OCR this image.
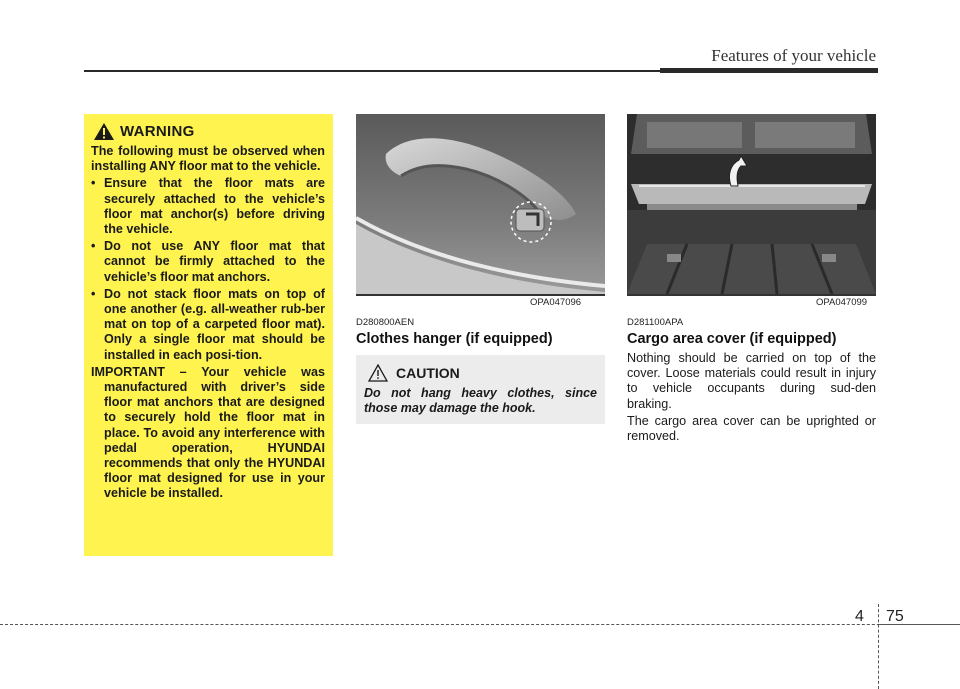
Features of your vehicle
WARNING

The following must be observed when installing ANY floor mat to the vehicle.

• Ensure that the floor mats are securely attached to the vehicle’s floor mat anchor(s) before driving the vehicle.
• Do not use ANY floor mat that cannot be firmly attached to the vehicle’s floor mat anchors.
• Do not stack floor mats on top of one another (e.g. all-weather rub-ber mat on top of a carpeted floor mat). Only a single floor mat should be installed in each posi-tion.
IMPORTANT – Your vehicle was manufactured with driver’s side floor mat anchors that are designed to securely hold the floor mat in place. To avoid any interference with pedal operation, HYUNDAI recommends that only the HYUNDAI floor mat designed for use in your vehicle be installed.
OPA047096	OPA047099
D280800AEN
Clothes hanger (if equipped)
CAUTION
Do not hang heavy clothes, since those may damage the hook.
D281100APA
Cargo area cover (if equipped)
Nothing should be carried on top of the cover. Loose materials could result in injury to vehicle occupants during sud-den braking.
The cargo area cover can be uprighted or removed.
4 75
